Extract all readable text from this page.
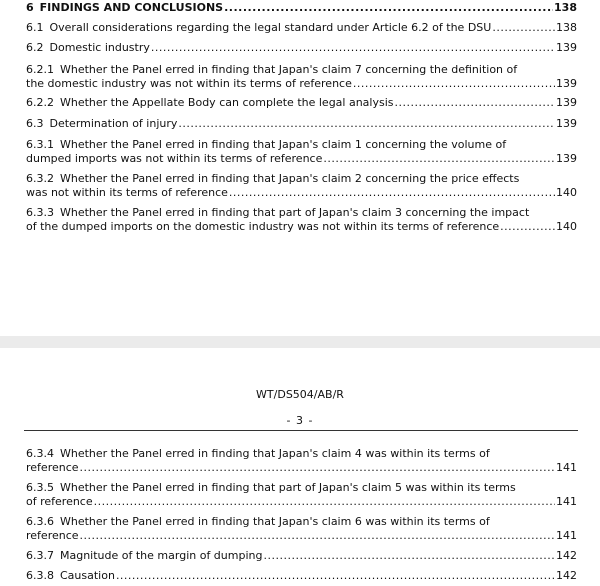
6 FINDINGS AND CONCLUSIONS .....	138
6.1 Overall considerations regarding the legal standard under Article 6.2 of the DSU .....	138
6.2 Domestic industry .....	139
6.2.1 Whether the Panel erred in finding that Japan's claim 7 concerning the definition of
the domestic industry was not within its terms of reference .....	139
6.2.2 Whether the Appellate Body can complete the legal analysis .....	139
6.3 Determination of injury .....	139
6.3.1 Whether the Panel erred in finding that Japan's claim 1 concerning the volume of
dumped imports was not within its terms of reference .....	139
6.3.2 Whether the Panel erred in finding that Japan's claim 2 concerning the price effects
was not within its terms of reference .....	140
6.3.3 Whether the Panel erred in finding that part of Japan's claim 3 concerning the impact
of the dumped imports on the domestic industry was not within its terms of reference .....	140
WT/DS504/AB/R
- 3 -
6.3.4 Whether the Panel erred in finding that Japan's claim 4 was within its terms of
reference .....	141
6.3.5 Whether the Panel erred in finding that part of Japan's claim 5 was within its terms
of reference .....	141
6.3.6 Whether the Panel erred in finding that Japan's claim 6 was within its terms of
reference .....	141
6.3.7 Magnitude of the margin of dumping .....	142
6.3.8 Causation .....	142
